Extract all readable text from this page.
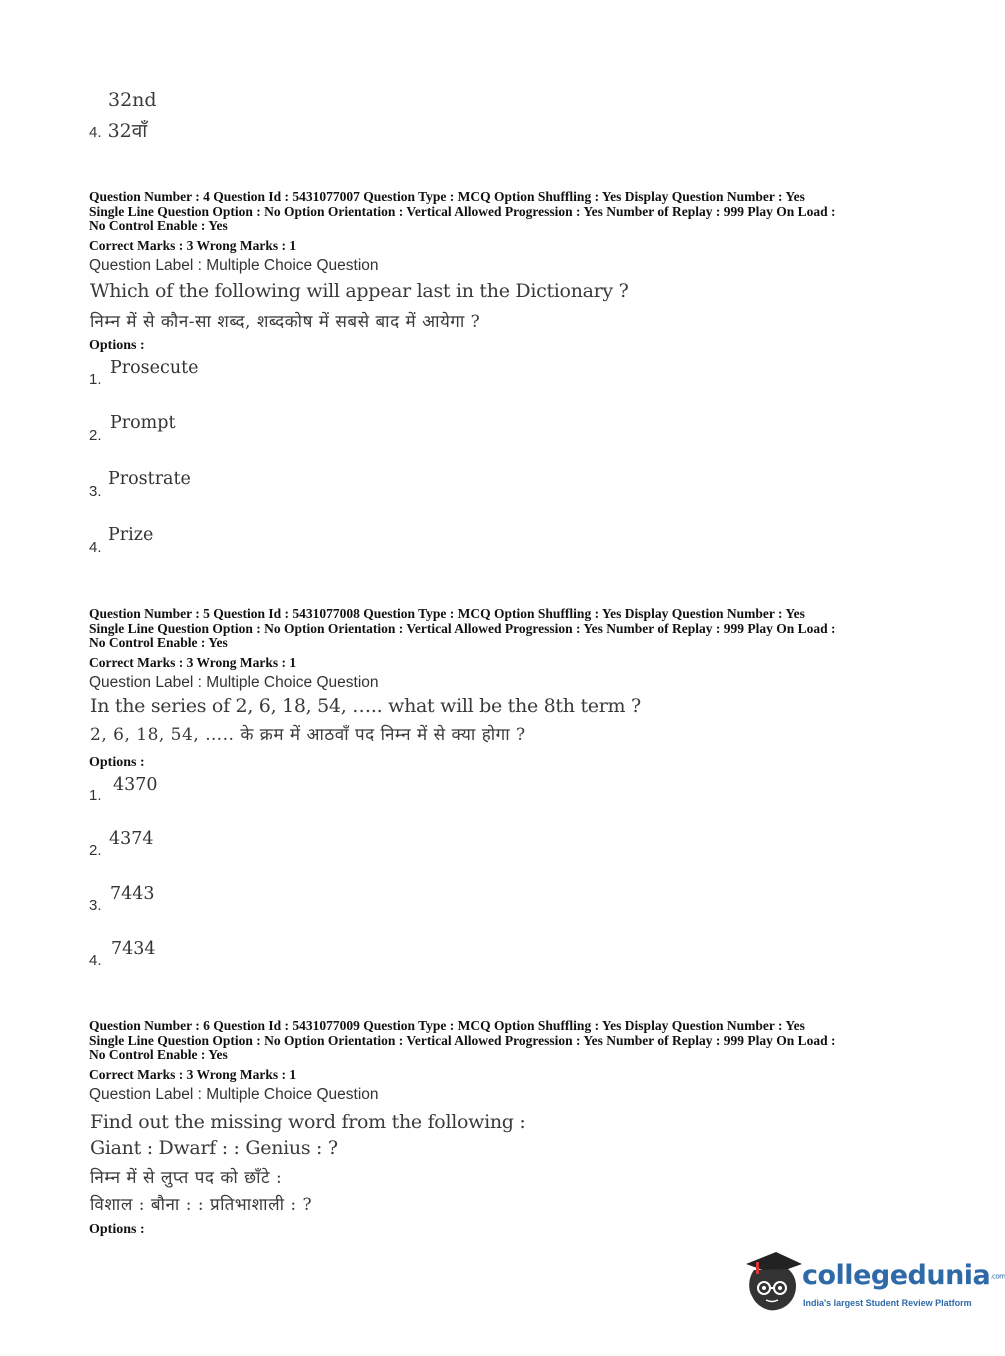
32nd
4. 32वाँ
Question Number : 4 Question Id : 5431077007 Question Type : MCQ Option Shuffling : Yes Display Question Number : Yes
Single Line Question Option : No Option Orientation : Vertical Allowed Progression : Yes Number of Replay : 999 Play On Load :
No Control Enable : Yes
Correct Marks : 3 Wrong Marks : 1
Question Label : Multiple Choice Question
Which of the following will appear last in the Dictionary ?
निम्न में से कौन-सा शब्द, शब्दकोष में सबसे बाद में आयेगा ?
Options :
1.
Prosecute
2.
Prompt
3.
Prostrate
4.
Prize
Question Number : 5 Question Id : 5431077008 Question Type : MCQ Option Shuffling : Yes Display Question Number : Yes
Single Line Question Option : No Option Orientation : Vertical Allowed Progression : Yes Number of Replay : 999 Play On Load :
No Control Enable : Yes
Correct Marks : 3 Wrong Marks : 1
Question Label : Multiple Choice Question
In the series of 2, 6, 18, 54, ….. what will be the 8th term ?
2, 6, 18, 54, ….. के क्रम में आठवाँ पद निम्न में से क्या होगा ?
Options :
1.
4370
2.
4374
3.
7443
4.
7434
Question Number : 6 Question Id : 5431077009 Question Type : MCQ Option Shuffling : Yes Display Question Number : Yes
Single Line Question Option : No Option Orientation : Vertical Allowed Progression : Yes Number of Replay : 999 Play On Load :
No Control Enable : Yes
Correct Marks : 3 Wrong Marks : 1
Question Label : Multiple Choice Question
Find out the missing word from the following :
Giant : Dwarf : : Genius : ?
निम्न में से लुप्त पद को छाँटे :
विशाल : बौना : : प्रतिभाशाली : ?
Options :
collegedunia.com
India's largest Student Review Platform
